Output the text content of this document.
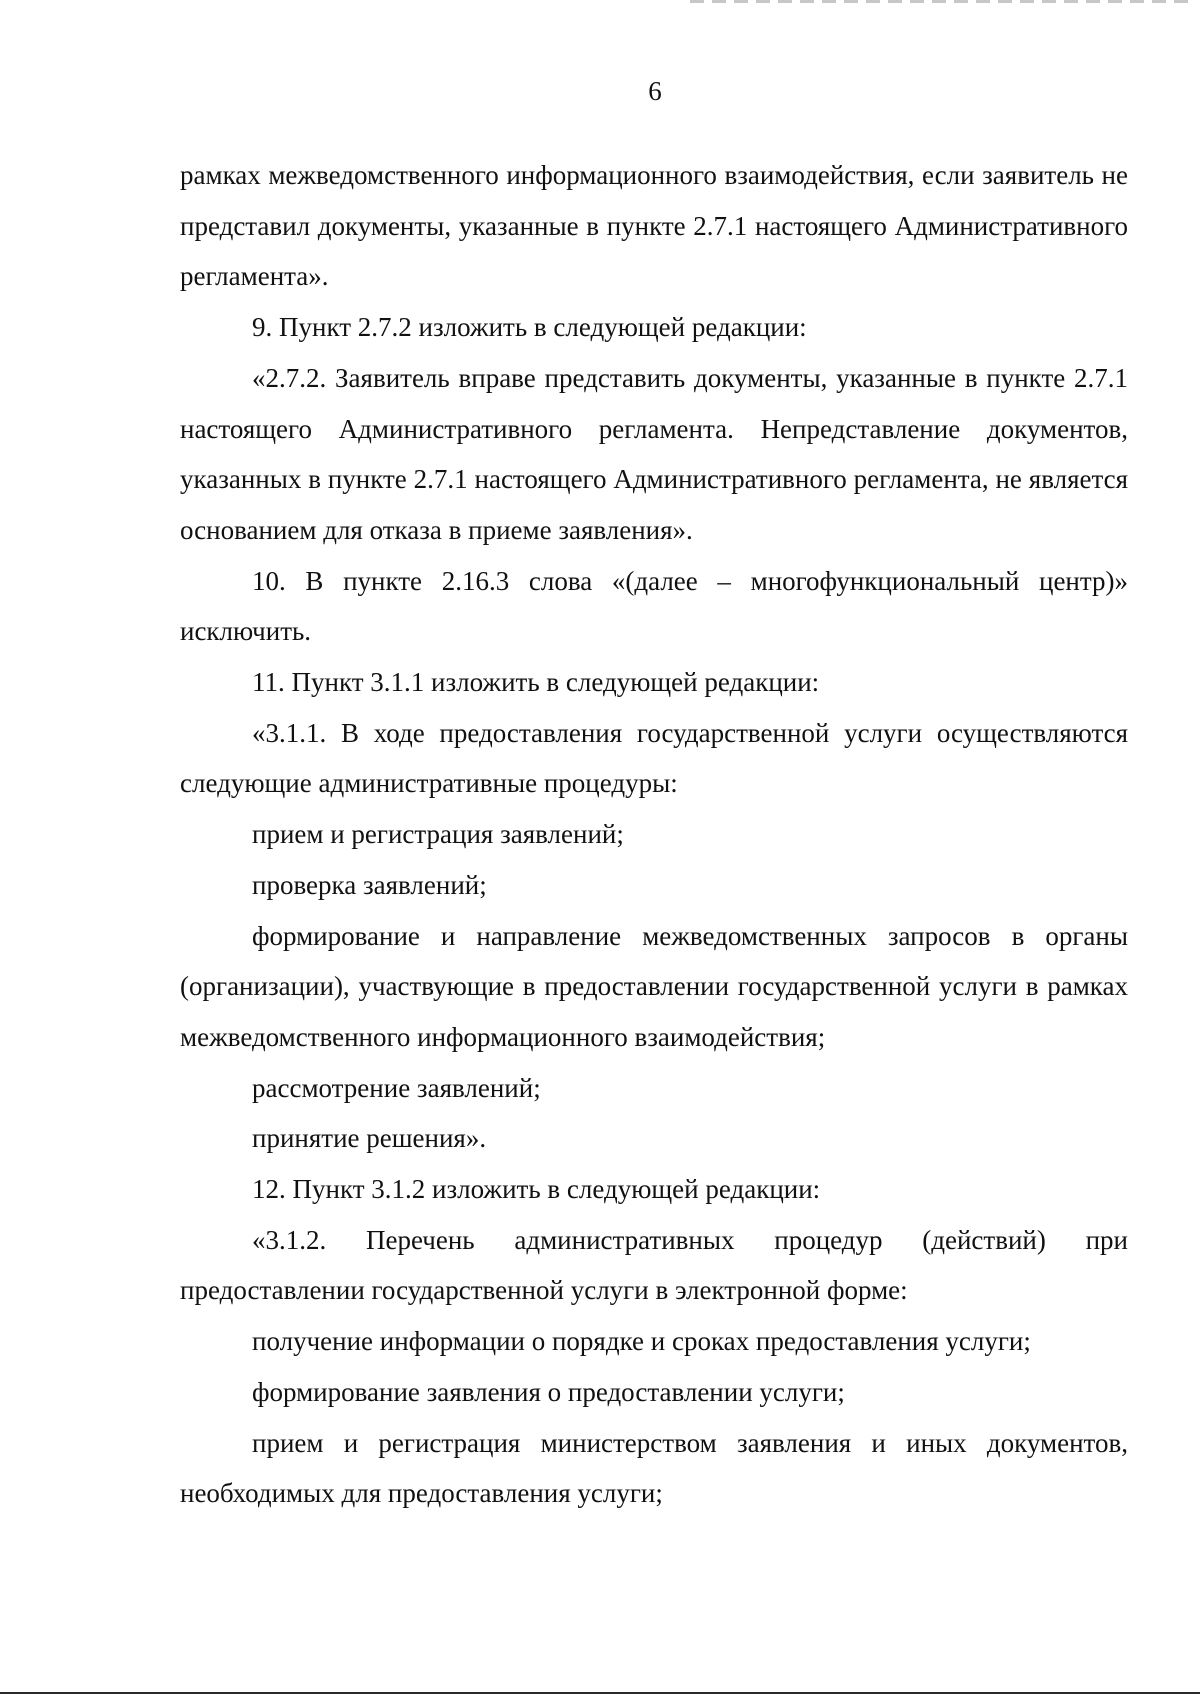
6

рамках межведомственного информационного взаимодействия, если заявитель не представил документы, указанные в пункте 2.7.1 настоящего Административного регламента».

9. Пункт 2.7.2 изложить в следующей редакции:

«2.7.2. Заявитель вправе представить документы, указанные в пункте 2.7.1 настоящего Административного регламента. Непредставление документов, указанных в пункте 2.7.1 настоящего Административного регламента, не является основанием для отказа в приеме заявления».

10. В пункте 2.16.3 слова «(далее – многофункциональный центр)» исключить.

11. Пункт 3.1.1 изложить в следующей редакции:

«3.1.1. В ходе предоставления государственной услуги осуществляются следующие административные процедуры:

прием и регистрация заявлений;

проверка заявлений;

формирование и направление межведомственных запросов в органы (организации), участвующие в предоставлении государственной услуги в рамках межведомственного информационного взаимодействия;

рассмотрение заявлений;

принятие решения».

12. Пункт 3.1.2 изложить в следующей редакции:

«3.1.2. Перечень административных процедур (действий) при предоставлении государственной услуги в электронной форме:

получение информации о порядке и сроках предоставления услуги;

формирование заявления о предоставлении услуги;

прием и регистрация министерством заявления и иных документов, необходимых для предоставления услуги;
